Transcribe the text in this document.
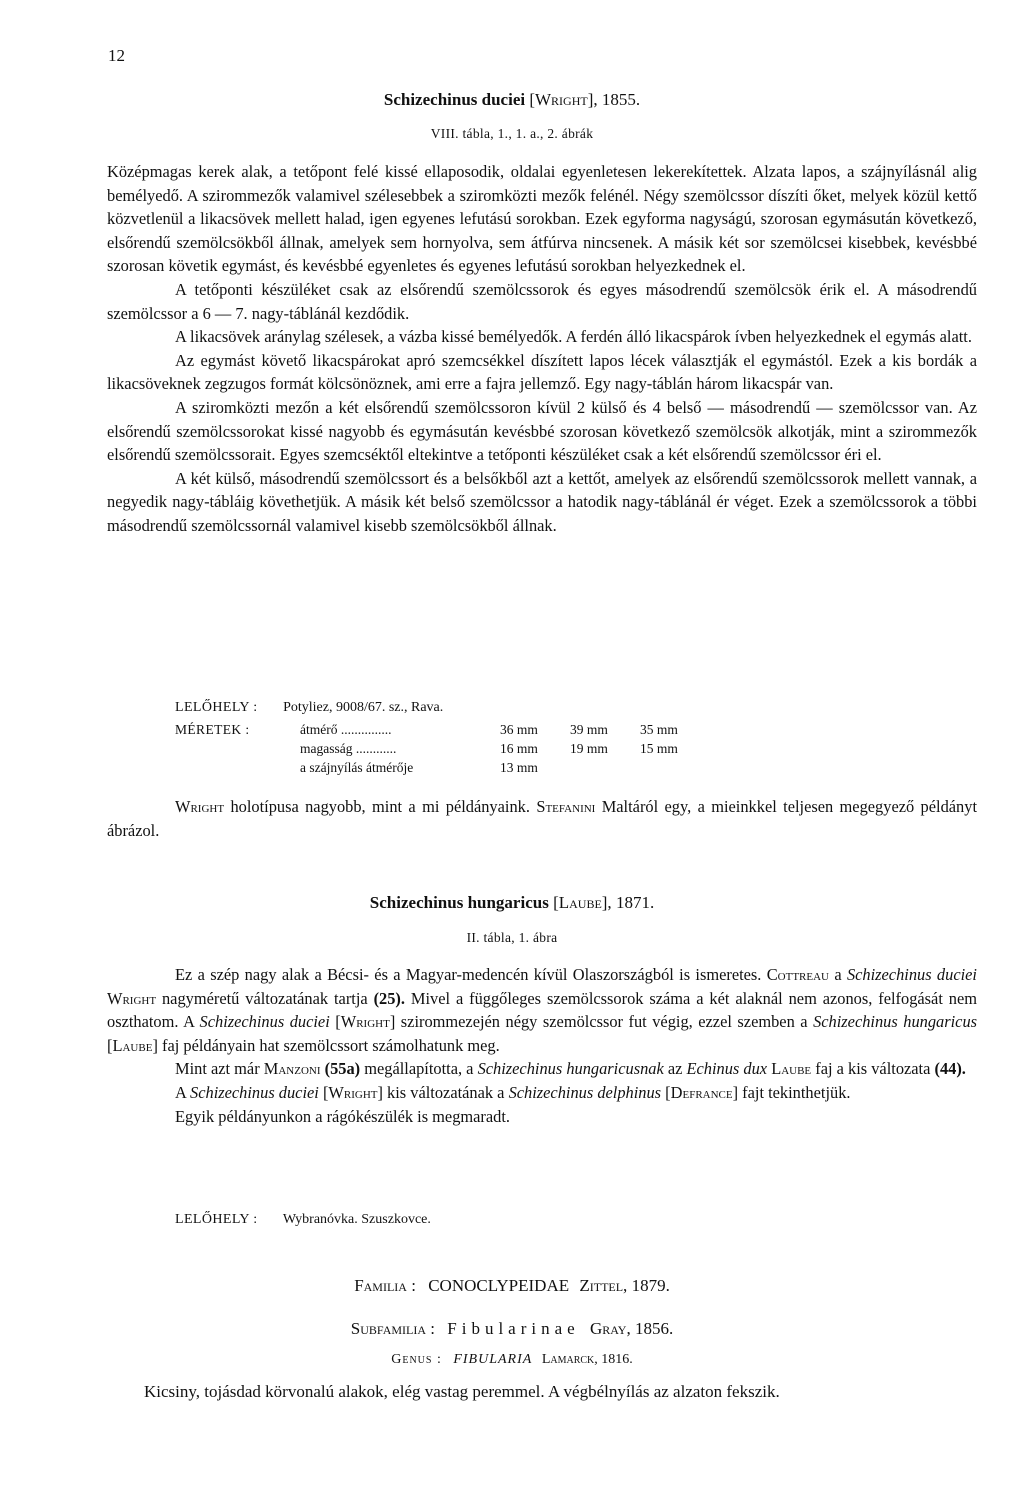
12
Schizechinus duciei [Wright], 1855.
VIII. tábla, 1., 1. a., 2. ábrák

Középmagas kerek alak, a tetőpont felé kissé ellaposodik, oldalai egyenletesen lekerekítettek. Alzata lapos, a szájnyílásnál alig bemélyedő. A szirommezők valamivel szélesebbek a sziromközti mezők felénél. Négy szemölcssor díszíti őket, melyek közül kettő közvetlenül a likacsövek mellett halad, igen egyenes lefutású sorokban. Ezek egyforma nagyságú, szorosan egymásután következő, elsőrendű szemölcsökből állnak, amelyek sem hornyolva, sem átfúrva nincsenek. A másik két sor szemölcsei kisebbek, kevésbbé szorosan követik egymást, és kevésbbé egyenletes és egyenes lefutású sorokban helyezkednek el.

A tetőponti készüléket csak az elsőrendű szemölcssorok és egyes másodrendű szemölcsök érik el. A másodrendű szemölcssor a 6 — 7. nagy-táblánál kezdődik.

A likacsövek aránylag szélesek, a vázba kissé bemélyedők. A ferdén álló likacspárok ívben helyezkednek el egymás alatt.

Az egymást követő likacspárokat apró szemcsékkel díszített lapos lécek választják el egymástól. Ezek a kis bordák a likacsöveknek zegzugos formát kölcsönöznek, ami erre a fajra jellemző. Egy nagy-táblán három likacspár van.

A sziromközti mezőn a két elsőrendű szemölcssoron kívül 2 külső és 4 belső — másodrendű — szemölcssor van. Az elsőrendű szemölcssorokat kissé nagyobb és egymásután kevésbbé szorosan következő szemölcsök alkotják, mint a szirommezők elsőrendű szemölcssorait. Egyes szemcséktől eltekintve a tetőponti készüléket csak a két elsőrendű szemölcssor éri el.

A két külső, másodrendű szemölcssort és a belsőkből azt a kettőt, amelyek az elsőrendű szemölcssorok mellett vannak, a negyedik nagy-tábláig követhetjük. A másik két belső szemölcssor a hatodik nagy-táblánál ér véget. Ezek a szemölcssorok a többi másodrendű szemölcssornál valamivel kisebb szemölcsökből állnak.

LELŐHELY : Potyliez, 9008/67. sz., Rava.
MÉRETEK :	átmérő ...............	36 mm	39 mm	35 mm
	magasság ............	16 mm	19 mm	15 mm
	a szájnyílás átmérője	13 mm		

Wright holotípusa nagyobb, mint a mi példányaink. Stefanini Maltáról egy, a mieinkkel teljesen megegyező példányt ábrázol.

Schizechinus hungaricus [Laube], 1871.
II. tábla, 1. ábra

Ez a szép nagy alak a Bécsi- és a Magyar-medencén kívül Olaszországból is ismeretes. Cottreau a Schizechinus duciei Wright nagyméretű változatának tartja (25). Mivel a függőleges szemölcssorok száma a két alaknál nem azonos, felfogását nem oszthatom. A Schizechinus duciei [Wright] szirommezején négy szemölcssor fut végig, ezzel szemben a Schizechinus hungaricus [Laube] faj példányain hat szemölcssort számolhatunk meg.

Mint azt már Manzoni (55a) megállapította, a Schizechinus hungaricusnak az Echinus dux Laube faj a kis változata (44).

A Schizechinus duciei [Wright] kis változatának a Schizechinus delphinus [Defrance] fajt tekinthetjük.

Egyik példányunkon a rágókészülék is megmaradt.

LELŐHELY : Wybranóvka. Szuszkovce.
Familia : CONOCLYPEIDAE Zittel, 1879.
Subfamilia : Fibularinae Gray, 1856.
Genus : FIBULARIA Lamarck, 1816.
Kicsiny, tojásdad körvonalú alakok, elég vastag peremmel. A végbélnyílás az alzaton fekszik.
